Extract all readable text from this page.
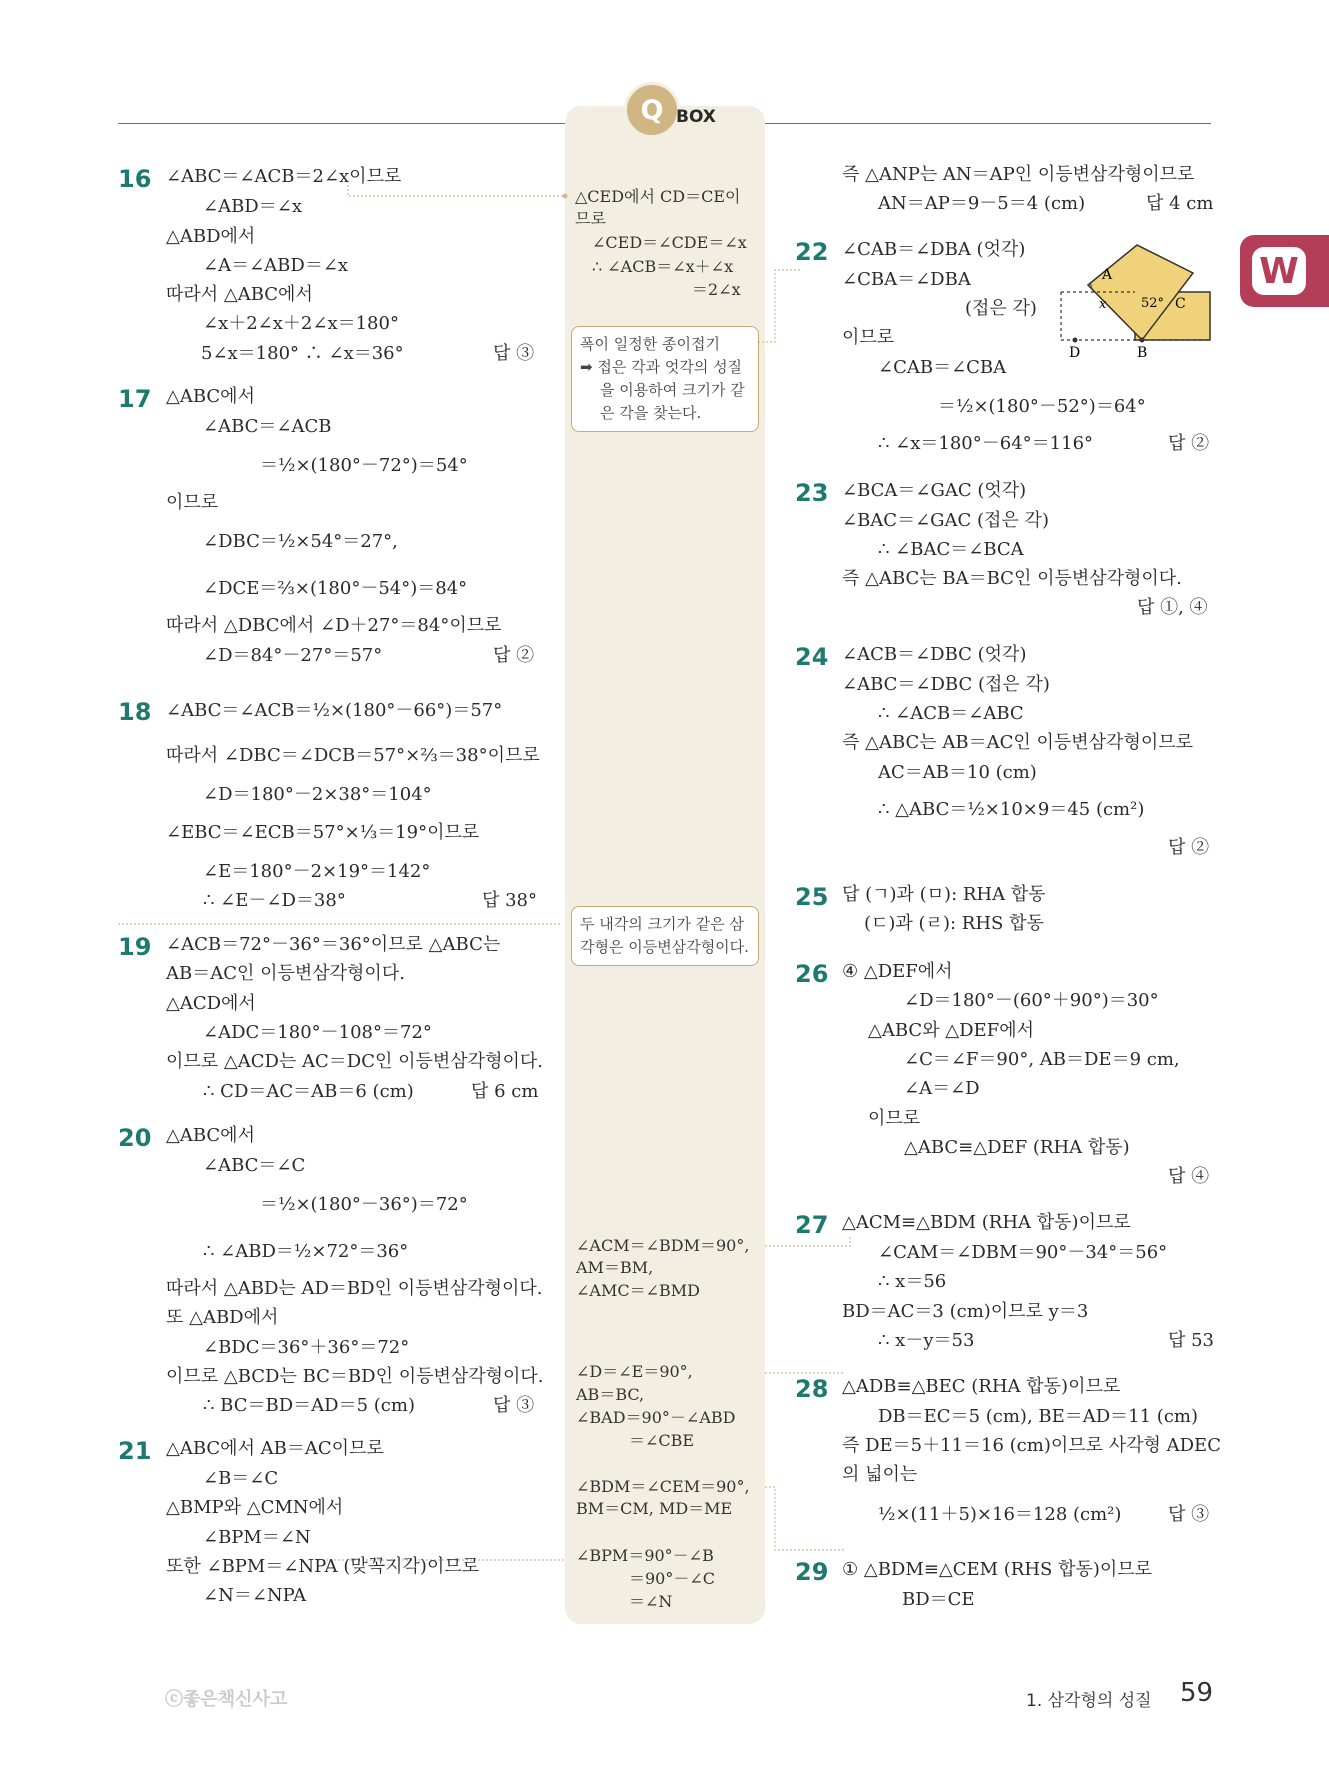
Q BOX
W
16 ∠ABC＝∠ACB＝2∠x이므로
∠ABD＝∠x
△ABD에서
∠A＝∠ABD＝∠x
따라서 △ABC에서
∠x＋2∠x＋2∠x＝180°
5∠x＝180° ∴ ∠x＝36°	답 ③
17 △ABC에서
∠ABC＝∠ACB
＝½×(180°－72°)＝54°
이므로
∠DBC＝½×54°＝27°,
∠DCE＝⅔×(180°－54°)＝84°
따라서 △DBC에서 ∠D＋27°＝84°이므로
∠D＝84°－27°＝57°	답 ②
18 ∠ABC＝∠ACB＝½×(180°－66°)＝57°
따라서 ∠DBC＝∠DCB＝57°×⅔＝38°이므로
∠D＝180°－2×38°＝104°
∠EBC＝∠ECB＝57°×⅓＝19°이므로
∠E＝180°－2×19°＝142°
∴ ∠E－∠D＝38°	답 38°
19 ∠ACB＝72°－36°＝36°이므로 △ABC는
AB＝AC인 이등변삼각형이다.
△ACD에서
∠ADC＝180°－108°＝72°
이므로 △ACD는 AC＝DC인 이등변삼각형이다.
∴ CD＝AC＝AB＝6 (cm)	답 6 cm
20 △ABC에서
∠ABC＝∠C
＝½×(180°－36°)＝72°
∴ ∠ABD＝½×72°＝36°
따라서 △ABD는 AD＝BD인 이등변삼각형이다.
또 △ABD에서
∠BDC＝36°＋36°＝72°
이므로 △BCD는 BC＝BD인 이등변삼각형이다.
∴ BC＝BD＝AD＝5 (cm)	답 ③
21 △ABC에서 AB＝AC이므로
∠B＝∠C
△BMP와 △CMN에서
∠BPM＝∠N
또한 ∠BPM＝∠NPA (맞꼭지각)이므로
∠N＝∠NPA
△CED에서 CD＝CE이
므로
∠CED＝∠CDE＝∠x
∴ ∠ACB＝∠x＋∠x
＝2∠x
폭이 일정한 종이접기
➡ 접은 각과 엇각의 성질
을 이용하여 크기가 같
은 각을 찾는다.
두 내각의 크기가 같은 삼
각형은 이등변삼각형이다.
∠ACM＝∠BDM＝90°,
AM＝BM,
∠AMC＝∠BMD
∠D＝∠E＝90°,
AB＝BC,
∠BAD＝90°－∠ABD
＝∠CBE
∠BDM＝∠CEM＝90°,
BM＝CM, MD＝ME
∠BPM＝90°－∠B
＝90°－∠C
＝∠N
즉 △ANP는 AN＝AP인 이등변삼각형이므로
AN＝AP＝9－5＝4 (cm)	답 4 cm
22 ∠CAB＝∠DBA (엇각)
∠CBA＝∠DBA
(접은 각)
이므로
∠CAB＝∠CBA
＝½×(180°－52°)＝64°
∴ ∠x＝180°－64°＝116°	답 ②
A
x	52° C
D	B
23 ∠BCA＝∠GAC (엇각)
∠BAC＝∠GAC (접은 각)
∴ ∠BAC＝∠BCA
즉 △ABC는 BA＝BC인 이등변삼각형이다.
답 ①, ④
24 ∠ACB＝∠DBC (엇각)
∠ABC＝∠DBC (접은 각)
∴ ∠ACB＝∠ABC
즉 △ABC는 AB＝AC인 이등변삼각형이므로
AC＝AB＝10 (cm)
∴ △ABC＝½×10×9＝45 (cm²)
답 ②
25 답 (ㄱ)과 (ㅁ): RHA 합동
(ㄷ)과 (ㄹ): RHS 합동
26 ④ △DEF에서
∠D＝180°－(60°＋90°)＝30°
△ABC와 △DEF에서
∠C＝∠F＝90°, AB＝DE＝9 cm,
∠A＝∠D
이므로
△ABC≡△DEF (RHA 합동)
답 ④
27 △ACM≡△BDM (RHA 합동)이므로
∠CAM＝∠DBM＝90°－34°＝56°
∴ x＝56
BD＝AC＝3 (cm)이므로 y＝3
∴ x－y＝53	답 53
28 △ADB≡△BEC (RHA 합동)이므로
DB＝EC＝5 (cm), BE＝AD＝11 (cm)
즉 DE＝5＋11＝16 (cm)이므로 사각형 ADEC
의 넓이는
½×(11＋5)×16＝128 (cm²)	답 ③
29 ① △BDM≡△CEM (RHS 합동)이므로
BD＝CE
ⓒ좋은책신사고	1. 삼각형의 성질 59
